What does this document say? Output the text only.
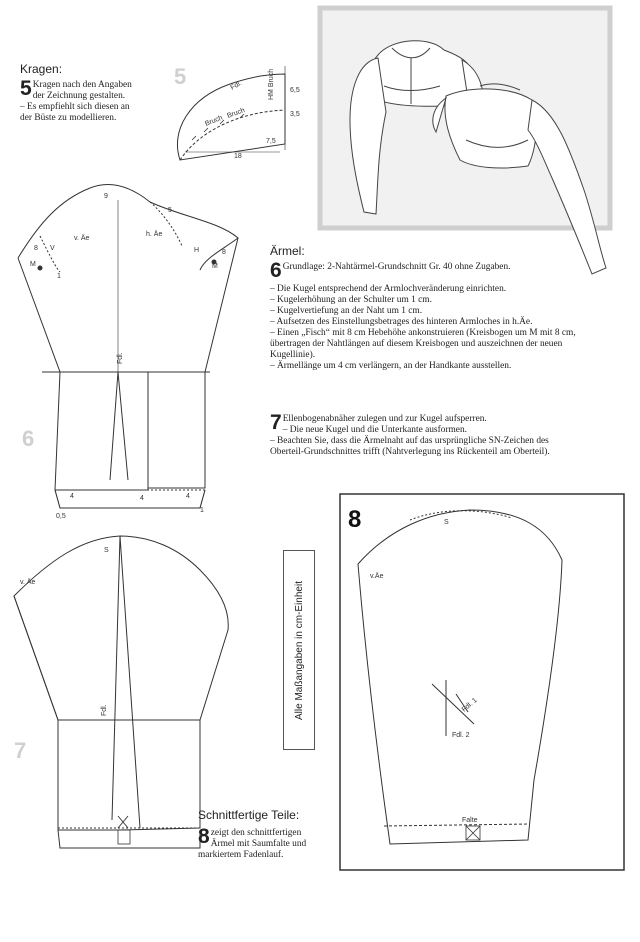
Fdl.
Bruch
HM Bruch 6,5
3,5
7,5
18
Bruch
9
h. Äe
v. Äe
8
8
V
M	M
5
H
1
Fdl.
4	4	4
0,5
1
S
v. Äe
Fdl.
S
v.Äe
Fdl. 1
Fdl. 2
Falte
5
6
7
8
Kragen:
5 Kragen nach den Angaben der Zeichnung gestalten.

– Es empfiehlt sich diesen an der Büste zu modellieren.

Ärmel:
6 Grundlage: 2-Nahtärmel-Grundschnitt Gr. 40 ohne Zugaben.

– Die Kugel entsprechend der Armlochveränderung einrichten.

– Kugelerhöhung an der Schulter um 1 cm.

– Kugelvertiefung an der Naht um 1 cm.

– Aufsetzen des Einstellungsbetrages des hinteren Armloches in h.Äe.

– Einen „Fisch“ mit 8 cm Hebehöhe ankonstruieren (Kreisbogen um M mit 8 cm, übertragen der Nahtlängen auf diesem Kreisbogen und auszeichnen der neuen Kugellinie).

– Ärmellänge um 4 cm verlängern, an der Handkante ausstellen.

7 Ellenbogenabnäher zulegen und zur Kugel aufsperren.

– Die neue Kugel und die Unterkante ausformen.

– Beachten Sie, dass die Ärmelnaht auf das ursprüngliche SN-Zeichen des Oberteil-Grundschnittes trifft (Nahtverlegung ins Rückenteil am Oberteil).

Schnittfertige Teile:
8 zeigt den schnittfertigen Ärmel mit Saumfalte und markiertem Fadenlauf.
Alle Maßangaben in cm-Einheit
